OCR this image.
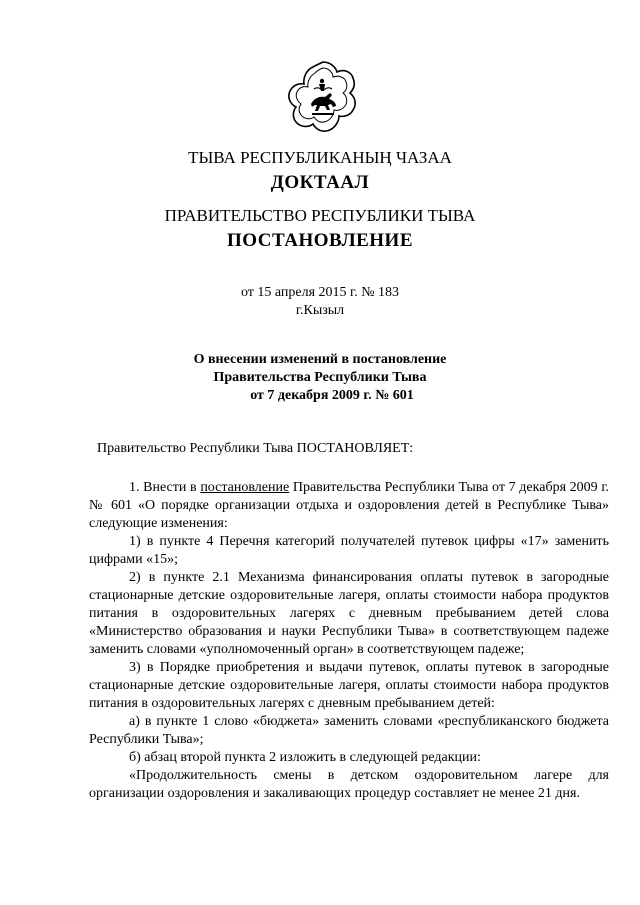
ТЫВА РЕСПУБЛИКАНЫҢ ЧАЗАА
ДОКТААЛ
ПРАВИТЕЛЬСТВО РЕСПУБЛИКИ ТЫВА
ПОСТАНОВЛЕНИЕ
от 15 апреля 2015 г. № 183
г.Кызыл
О внесении изменений в постановление
Правительства Республики Тыва
от 7 декабря 2009 г. № 601

Правительство Республики Тыва ПОСТАНОВЛЯЕТ:

1. Внести в постановление Правительства Республики Тыва от 7 декабря 2009 г. № 601 «О порядке организации отдыха и оздоровления детей в Республике Тыва» следующие изменения:

1) в пункте 4 Перечня категорий получателей путевок цифры «17» заменить цифрами «15»;

2) в пункте 2.1 Механизма финансирования оплаты путевок в загородные стационарные детские оздоровительные лагеря, оплаты стоимости набора продуктов питания в оздоровительных лагерях с дневным пребыванием детей слова «Министерство образования и науки Республики Тыва» в соответствующем падеже заменить словами «уполномоченный орган» в соответствующем падеже;

3) в Порядке приобретения и выдачи путевок, оплаты путевок в загородные стационарные детские оздоровительные лагеря, оплаты стоимости набора продуктов питания в оздоровительных лагерях с дневным пребыванием детей:

а) в пункте 1 слово «бюджета» заменить словами «республиканского бюджета Республики Тыва»;

б) абзац второй пункта 2 изложить в следующей редакции:

«Продолжительность смены в детском оздоровительном лагере для организации оздоровления и закаливающих процедур составляет не менее 21 дня.
